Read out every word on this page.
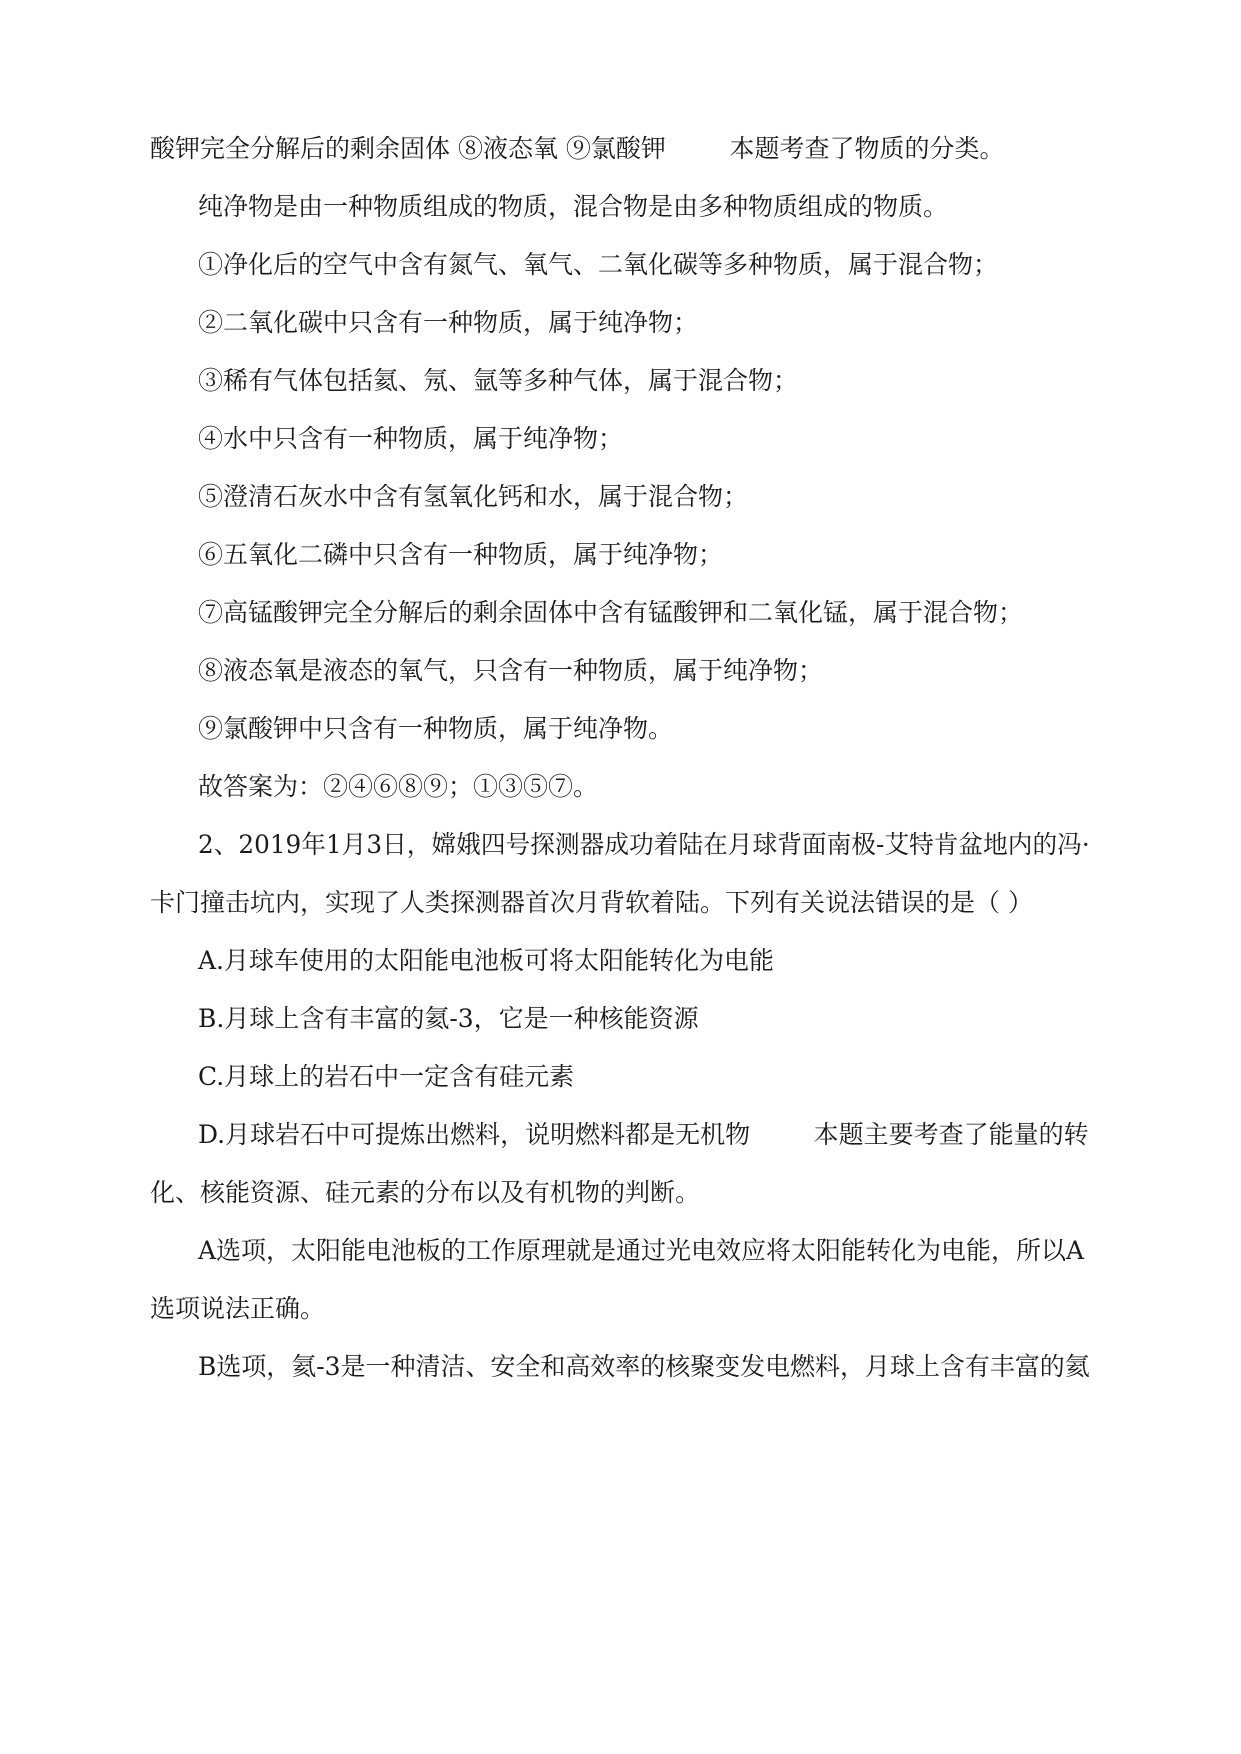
酸钾完全分解后的剩余固体 ⑧液态氧 ⑨氯酸钾        本题考查了物质的分类。
纯净物是由一种物质组成的物质，混合物是由多种物质组成的物质。
①净化后的空气中含有氮气、氧气、二氧化碳等多种物质，属于混合物；
②二氧化碳中只含有一种物质，属于纯净物；
③稀有气体包括氦、氖、氩等多种气体，属于混合物；
④水中只含有一种物质，属于纯净物；
⑤澄清石灰水中含有氢氧化钙和水，属于混合物；
⑥五氧化二磷中只含有一种物质，属于纯净物；
⑦高锰酸钾完全分解后的剩余固体中含有锰酸钾和二氧化锰，属于混合物；
⑧液态氧是液态的氧气，只含有一种物质，属于纯净物；
⑨氯酸钾中只含有一种物质，属于纯净物。
故答案为：②④⑥⑧⑨；①③⑤⑦。
2、2019年1月3日，嫦娥四号探测器成功着陆在月球背面南极-艾特肯盆地内的冯·
卡门撞击坑内，实现了人类探测器首次月背软着陆。下列有关说法错误的是（ ）
A.月球车使用的太阳能电池板可将太阳能转化为电能
B.月球上含有丰富的氦-3，它是一种核能资源
C.月球上的岩石中一定含有硅元素
D.月球岩石中可提炼出燃料，说明燃料都是无机物        本题主要考查了能量的转
化、核能资源、硅元素的分布以及有机物的判断。
A选项，太阳能电池板的工作原理就是通过光电效应将太阳能转化为电能，所以A
选项说法正确。
B选项，氦-3是一种清洁、安全和高效率的核聚变发电燃料，月球上含有丰富的氦
